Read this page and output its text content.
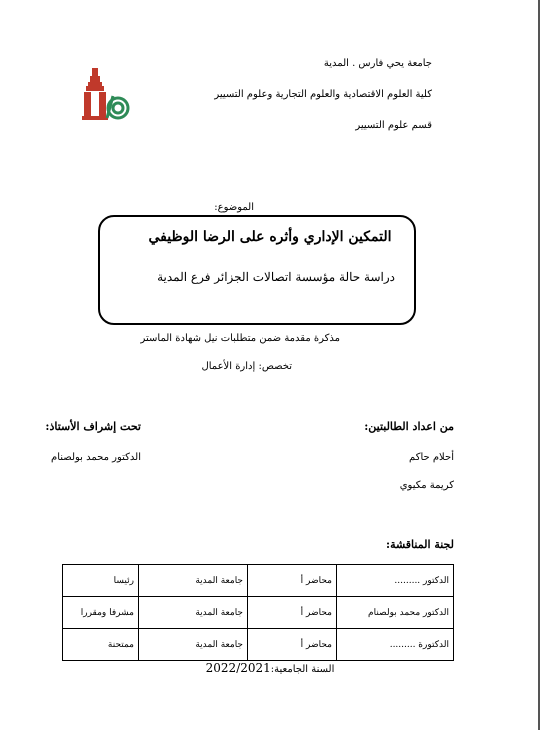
جامعة يحي فارس . المدية
كلية العلوم الاقتصادية والعلوم التجارية وعلوم التسيير
قسم علوم التسيير
الموضوع:
التمكين الإداري وأثره على الرضا الوظيفي
دراسة حالة مؤسسة اتصالات الجزائر فرع المدية
مذكرة مقدمة ضمن متطلبات نيل شهادة الماستر
تخصص: إدارة الأعمال
من اعداد الطالبتين:
أحلام حاكم
كريمة مكيوي
تحت إشراف الأستاذ:
الدكتور محمد بولصنام
لجنة المناقشة:
الدكتور .........	محاضر أ	جامعة المدية	رئيسا
الدكتور محمد بولصنام	محاضر أ	جامعة المدية	مشرفا ومقررا
الدكتورة .........	محاضر أ	جامعة المدية	ممتحنة
السنة الجامعية:2022/2021
